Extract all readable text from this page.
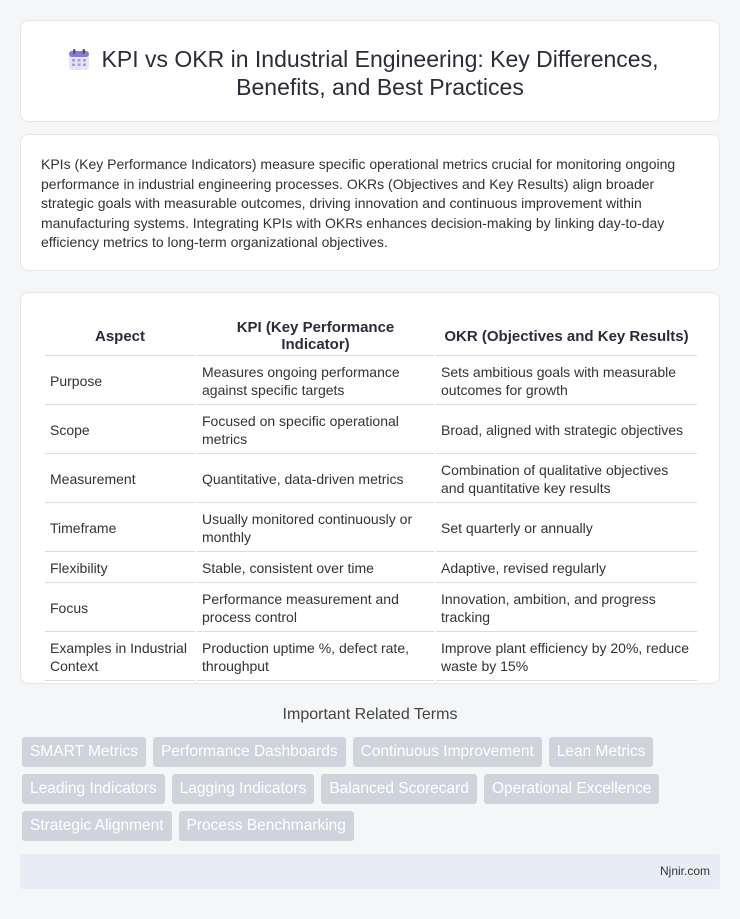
KPI vs OKR in Industrial Engineering: Key Differences, Benefits, and Best Practices

KPIs (Key Performance Indicators) measure specific operational metrics crucial for monitoring ongoing performance in industrial engineering processes. OKRs (Objectives and Key Results) align broader strategic goals with measurable outcomes, driving innovation and continuous improvement within manufacturing systems. Integrating KPIs with OKRs enhances decision-making by linking day-to-day efficiency metrics to long-term organizational objectives.

Aspect	KPI (Key Performance Indicator)	OKR (Objectives and Key Results)
Purpose	Measures ongoing performance against specific targets	Sets ambitious goals with measurable outcomes for growth
Scope	Focused on specific operational metrics	Broad, aligned with strategic objectives
Measurement	Quantitative, data-driven metrics	Combination of qualitative objectives and quantitative key results
Timeframe	Usually monitored continuously or monthly	Set quarterly or annually
Flexibility	Stable, consistent over time	Adaptive, revised regularly
Focus	Performance measurement and process control	Innovation, ambition, and progress tracking
Examples in Industrial Context	Production uptime %, defect rate, throughput	Improve plant efficiency by 20%, reduce waste by 15%
Important Related Terms
SMART Metrics	Performance Dashboards	Continuous Improvement	Lean Metrics
Leading Indicators	Lagging Indicators	Balanced Scorecard	Operational Excellence
Strategic Alignment	Process Benchmarking
Njnir.com
